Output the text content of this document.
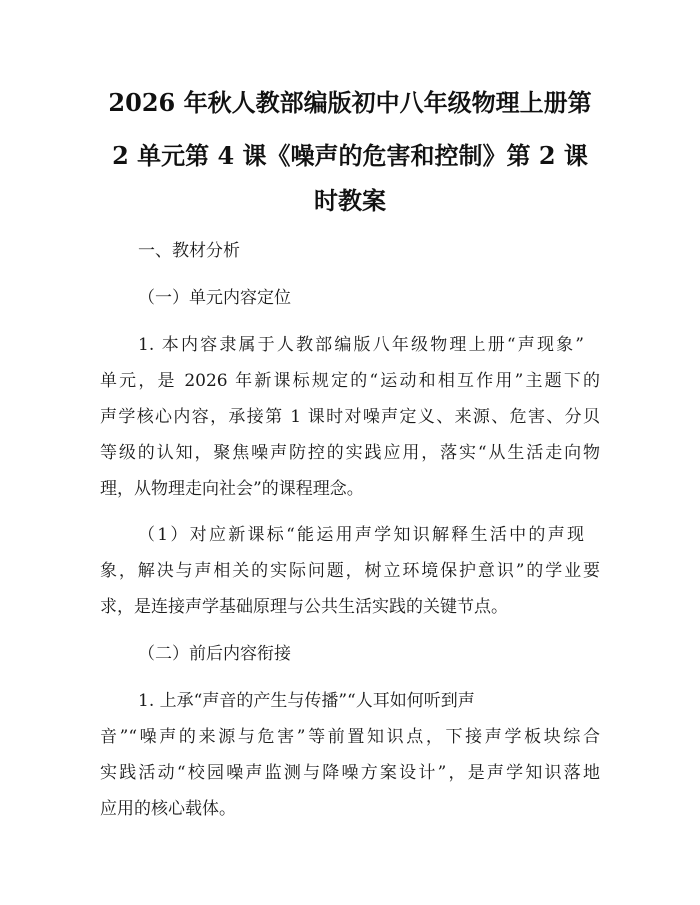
2026 年秋人教部编版初中八年级物理上册第
2 单元第 4 课《噪声的危害和控制》第 2 课
时教案
一、教材分析
（一）单元内容定位
1. 本内容隶属于人教部编版八年级物理上册“声现象”
单元，是 2026 年新课标规定的“运动和相互作用”主题下的
声学核心内容，承接第 1 课时对噪声定义、来源、危害、分贝
等级的认知，聚焦噪声防控的实践应用，落实“从生活走向物
理，从物理走向社会”的课程理念。
（1）对应新课标“能运用声学知识解释生活中的声现
象，解决与声相关的实际问题，树立环境保护意识”的学业要
求，是连接声学基础原理与公共生活实践的关键节点。
（二）前后内容衔接
1. 上承“声音的产生与传播”“人耳如何听到声
音”“噪声的来源与危害”等前置知识点，下接声学板块综合
实践活动“校园噪声监测与降噪方案设计”，是声学知识落地
应用的核心载体。
